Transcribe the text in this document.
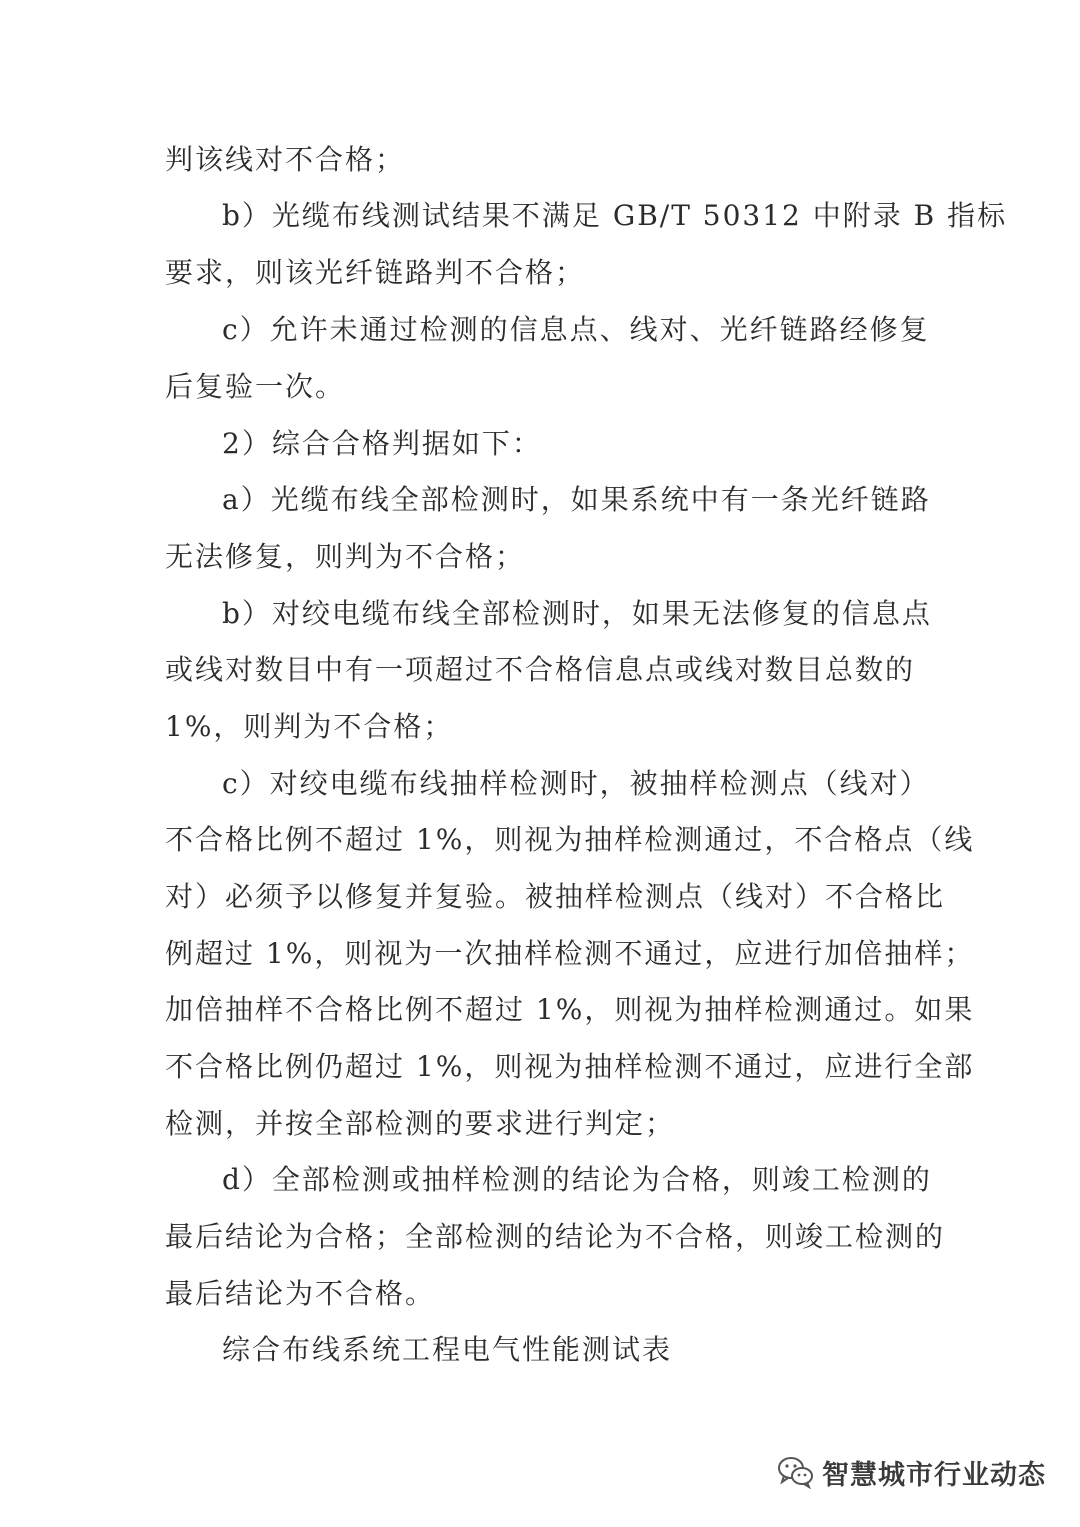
判该线对不合格；
b）光缆布线测试结果不满足 GB/T 50312 中附录 B 指标
要求，则该光纤链路判不合格；
c）允许未通过检测的信息点、线对、光纤链路经修复
后复验一次。
2）综合合格判据如下：
a）光缆布线全部检测时，如果系统中有一条光纤链路
无法修复，则判为不合格；
b）对绞电缆布线全部检测时，如果无法修复的信息点
或线对数目中有一项超过不合格信息点或线对数目总数的
1%，则判为不合格；
c）对绞电缆布线抽样检测时，被抽样检测点（线对）
不合格比例不超过 1%，则视为抽样检测通过，不合格点（线
对）必须予以修复并复验。被抽样检测点（线对）不合格比
例超过 1%，则视为一次抽样检测不通过，应进行加倍抽样；
加倍抽样不合格比例不超过 1%，则视为抽样检测通过。如果
不合格比例仍超过 1%，则视为抽样检测不通过，应进行全部
检测，并按全部检测的要求进行判定；
d）全部检测或抽样检测的结论为合格，则竣工检测的
最后结论为合格；全部检测的结论为不合格，则竣工检测的
最后结论为不合格。
综合布线系统工程电气性能测试表
智慧城市行业动态
